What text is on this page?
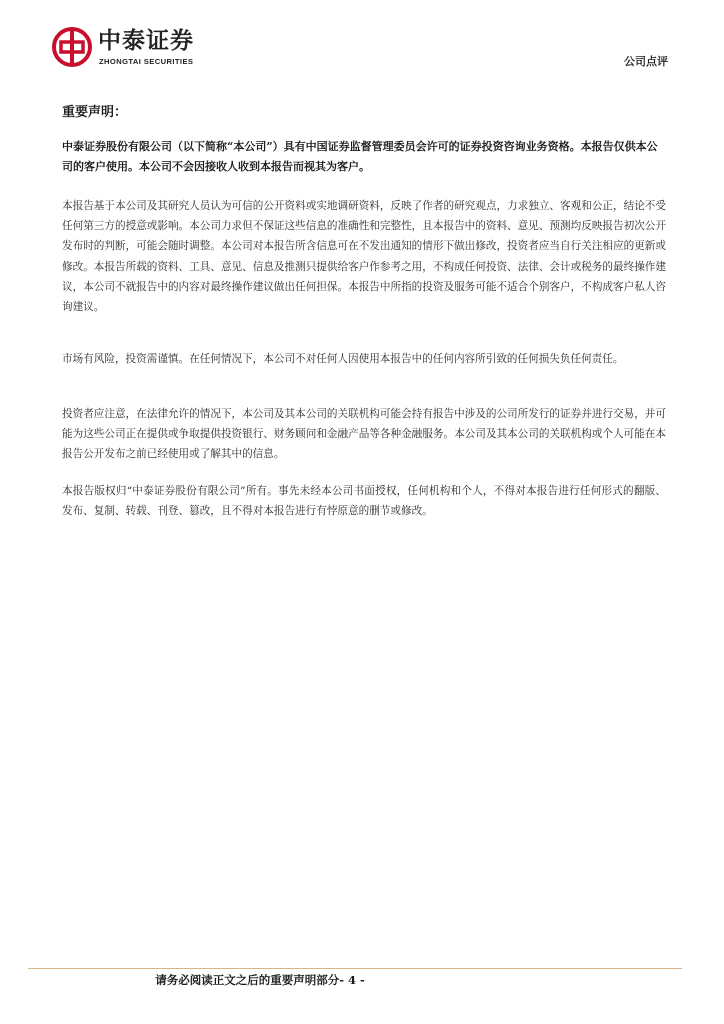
中泰证券
ZHONGTAI SECURITIES	公司点评
重要声明：
中泰证券股份有限公司（以下简称“本公司”）具有中国证券监督管理委员会许可的证券投资咨询业务资格。本报告仅供本公司的客户使用。本公司不会因接收人收到本报告而视其为客户。
本报告基于本公司及其研究人员认为可信的公开资料或实地调研资料，反映了作者的研究观点，力求独立、客观和公正，结论不受任何第三方的授意或影响。本公司力求但不保证这些信息的准确性和完整性，且本报告中的资料、意见、预测均反映报告初次公开发布时的判断，可能会随时调整。本公司对本报告所含信息可在不发出通知的情形下做出修改，投资者应当自行关注相应的更新或修改。本报告所载的资料、工具、意见、信息及推测只提供给客户作参考之用，不构成任何投资、法律、会计或税务的最终操作建议，本公司不就报告中的内容对最终操作建议做出任何担保。本报告中所指的投资及服务可能不适合个别客户，不构成客户私人咨询建议。
市场有风险，投资需谨慎。在任何情况下，本公司不对任何人因使用本报告中的任何内容所引致的任何损失负任何责任。
投资者应注意，在法律允许的情况下，本公司及其本公司的关联机构可能会持有报告中涉及的公司所发行的证券并进行交易，并可能为这些公司正在提供或争取提供投资银行、财务顾问和金融产品等各种金融服务。本公司及其本公司的关联机构或个人可能在本报告公开发布之前已经使用或了解其中的信息。
本报告版权归“中泰证券股份有限公司”所有。事先未经本公司书面授权，任何机构和个人，不得对本报告进行任何形式的翻版、发布、复制、转载、刊登、篡改，且不得对本报告进行有悖原意的删节或修改。
请务必阅读正文之后的重要声明部分- 4 -
